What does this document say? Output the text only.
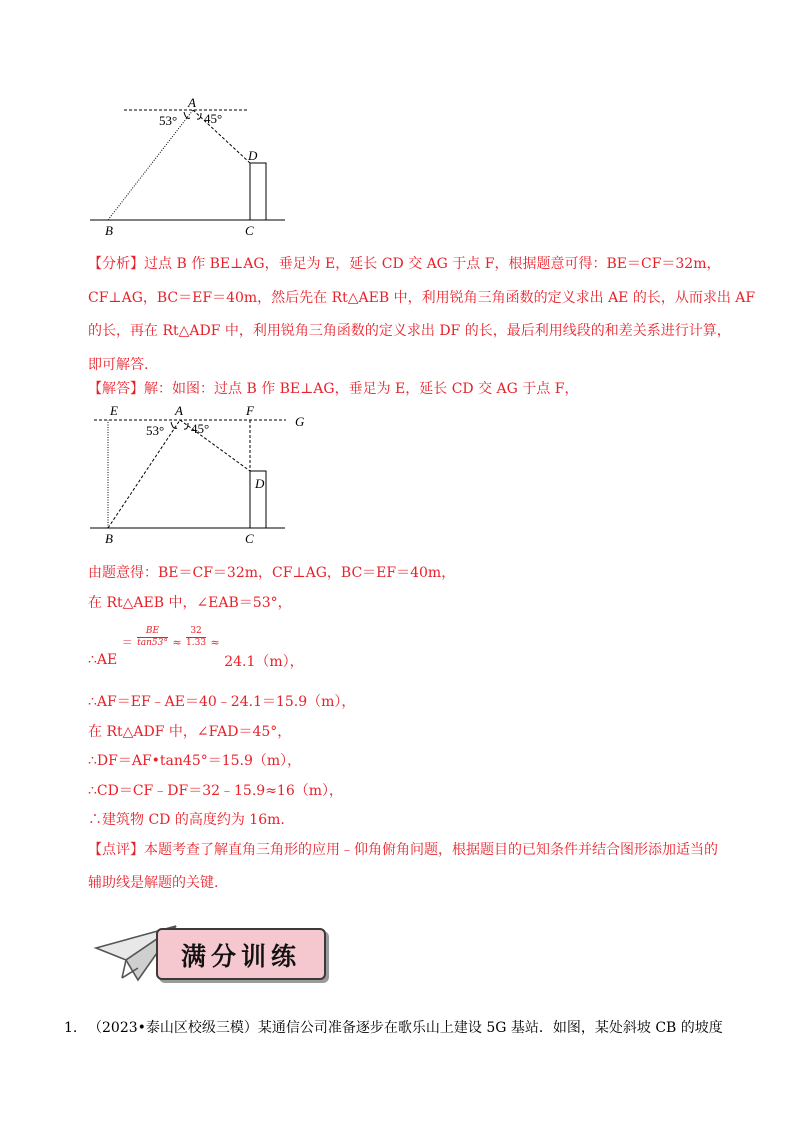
A
53° 45°
D
B	C
【分析】过点 B 作 BE⊥AG，垂足为 E，延长 CD 交 AG 于点 F，根据题意可得：BE＝CF＝32m，
CF⊥AG，BC＝EF＝40m，然后先在 Rt△AEB 中，利用锐角三角函数的定义求出 AE 的长，从而求出 AF
的长，再在 Rt△ADF 中，利用锐角三角函数的定义求出 DF 的长，最后利用线段的和差关系进行计算，
即可解答.
【解答】解：如图：过点 B 作 BE⊥AG，垂足为 E，延长 CD 交 AG 于点 F，
E	A	F
G
53° 45°
D
B	C
由题意得：BE＝CF＝32m，CF⊥AG，BC＝EF＝40m，
在 Rt△AEB 中，∠EAB＝53°，
∴AE ＝ $\frac{BE}{\tan 53^\circ} \approx \frac{32}{1.33} \approx 24.1(m)$，
∴AF＝EF﹣AE＝40﹣24.1＝15.9（m），
在 Rt△ADF 中，∠FAD＝45°，
∴DF＝AF•tan45°＝15.9（m），
∴CD＝CF﹣DF＝32﹣15.9≈16（m），
∴建筑物 CD 的高度约为 16m.
【点评】本题考查了解直角三角形的应用﹣仰角俯角问题，根据题目的已知条件并结合图形添加适当的
辅助线是解题的关键.
满分训练
1. （2023•泰山区校级三模）某通信公司准备逐步在歌乐山上建设 5G 基站．如图，某处斜坡 CB 的坡度
